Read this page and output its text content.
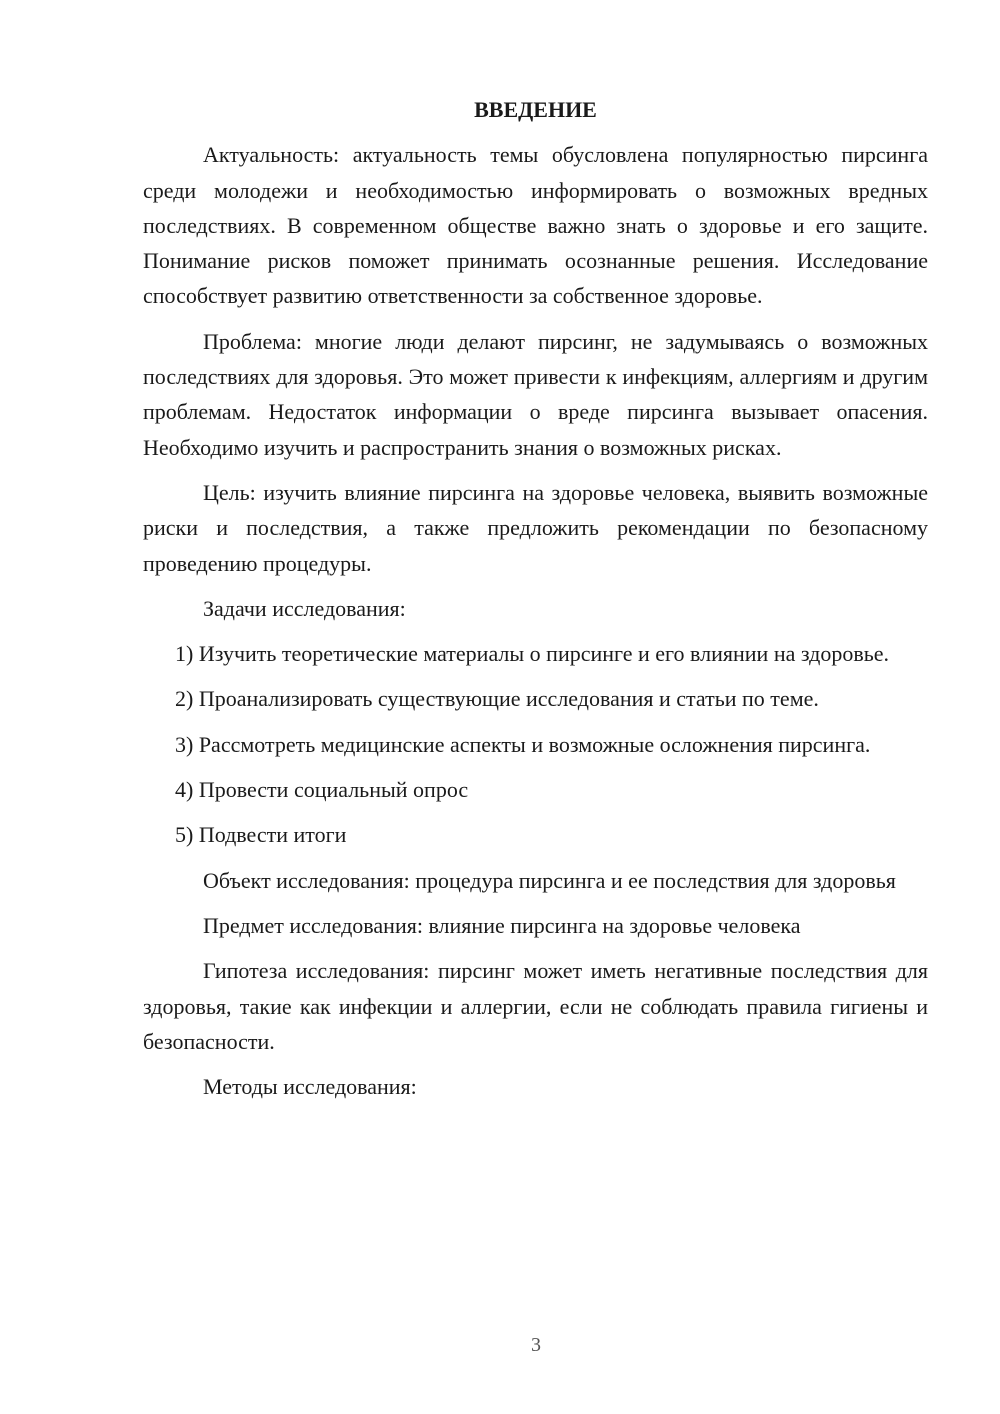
ВВЕДЕНИЕ

Актуальность: актуальность темы обусловлена популярностью пирсинга среди молодежи и необходимостью информировать о возможных вредных последствиях. В современном обществе важно знать о здоровье и его защите. Понимание рисков поможет принимать осознанные решения. Исследование способствует развитию ответственности за собственное здоровье.

Проблема: многие люди делают пирсинг, не задумываясь о возможных последствиях для здоровья. Это может привести к инфекциям, аллергиям и другим проблемам. Недостаток информации о вреде пирсинга вызывает опасения. Необходимо изучить и распространить знания о возможных рисках.

Цель: изучить влияние пирсинга на здоровье человека, выявить возможные риски и последствия, а также предложить рекомендации по безопасному проведению процедуры.

Задачи исследования:

1) Изучить теоретические материалы о пирсинге и его влиянии на здоровье.

2) Проанализировать существующие исследования и статьи по теме.

3) Рассмотреть медицинские аспекты и возможные осложнения пирсинга.

4) Провести социальный опрос

5) Подвести итоги

Объект исследования: процедура пирсинга и ее последствия для здоровья

Предмет исследования: влияние пирсинга на здоровье человека

Гипотеза исследования: пирсинг может иметь негативные последствия для здоровья, такие как инфекции и аллергии, если не соблюдать правила гигиены и безопасности.

Методы исследования:

3
